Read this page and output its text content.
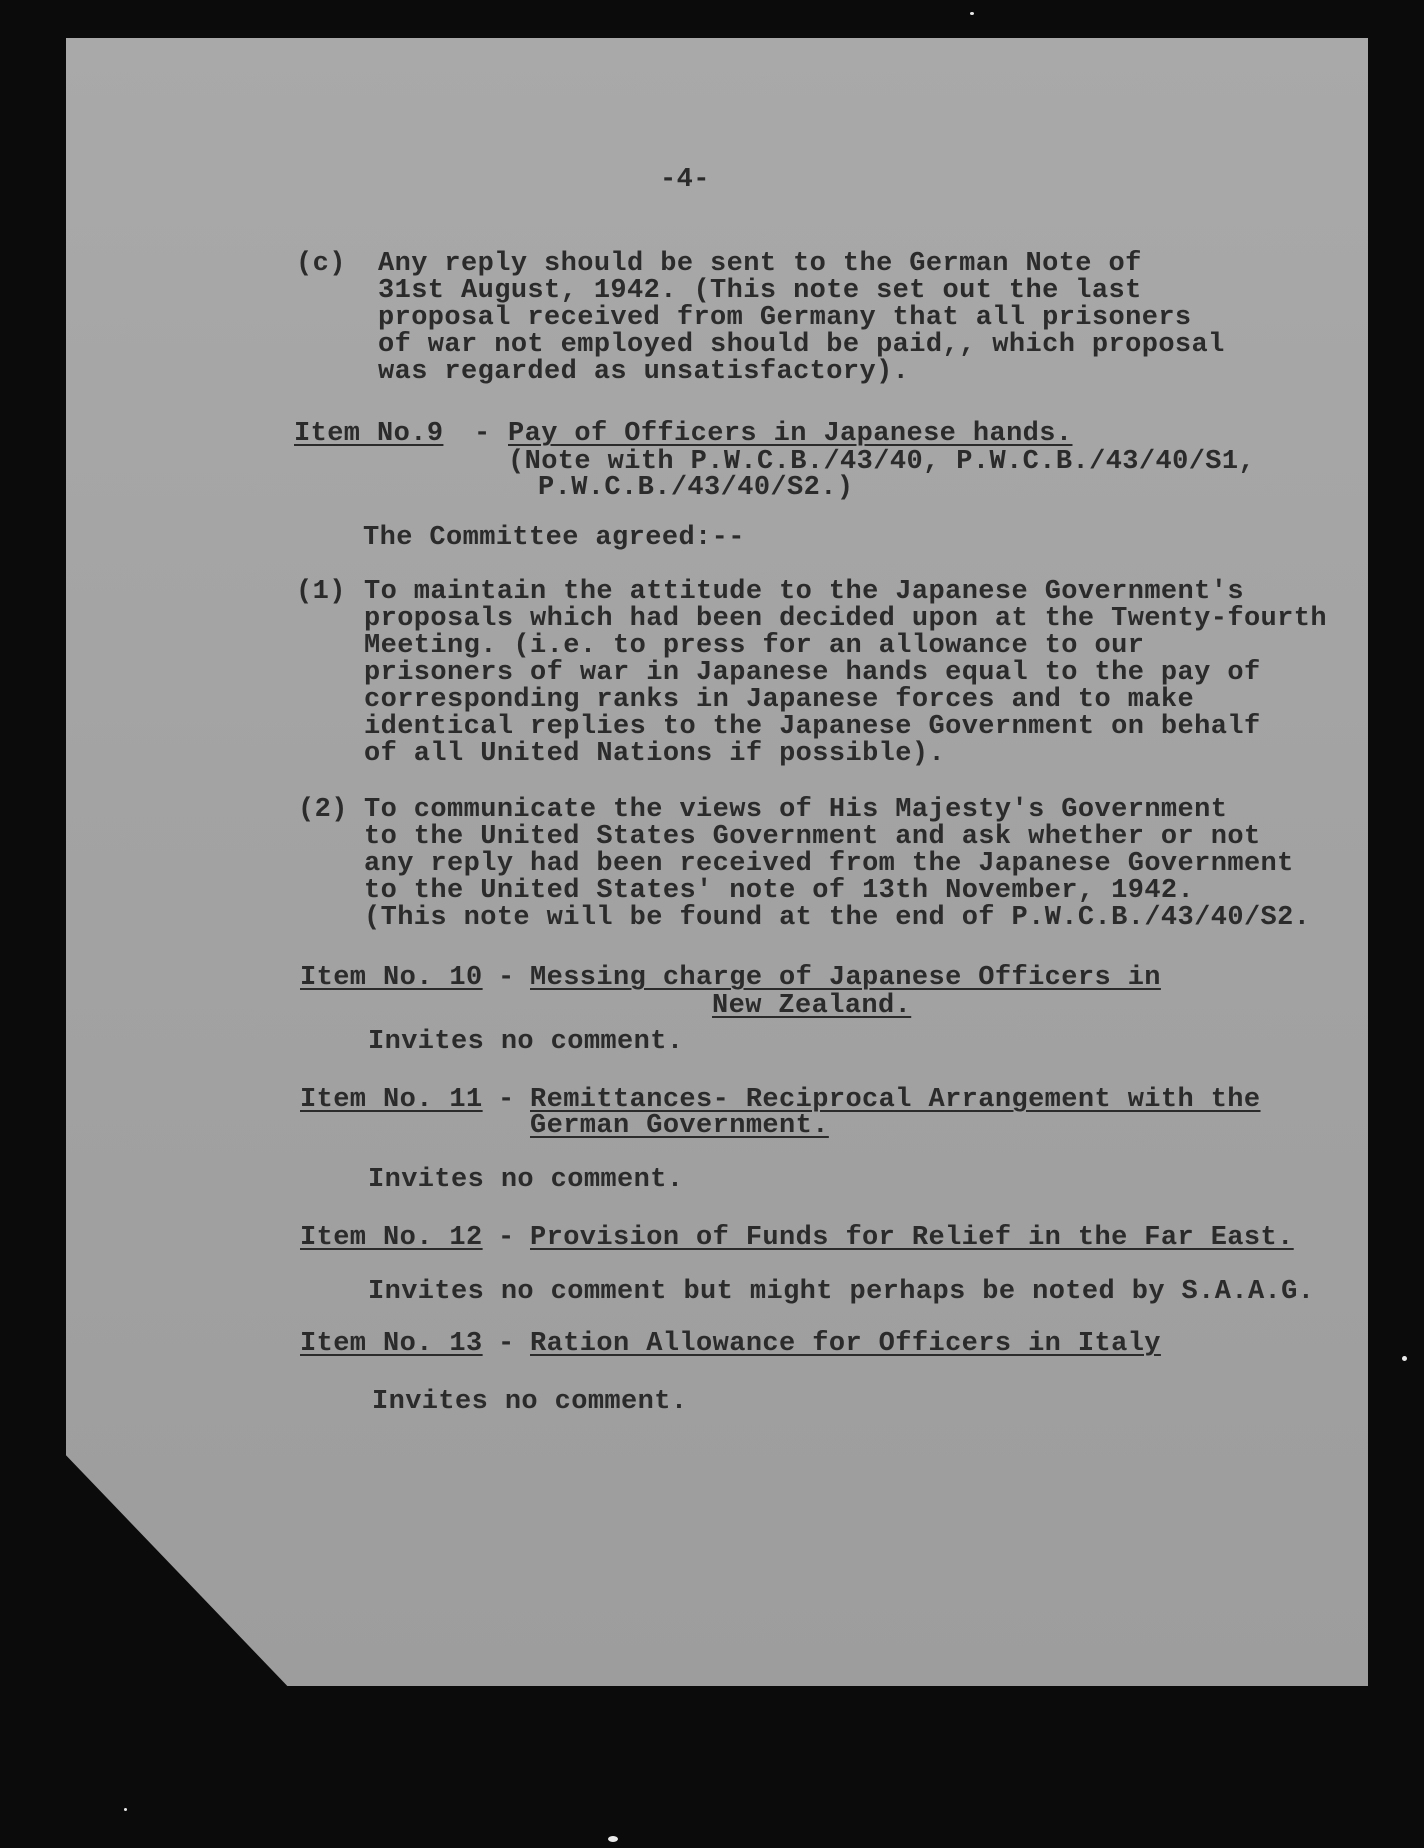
-4-
(c) Any reply should be sent to the German Note of
31st August, 1942. (This note set out the last
proposal received from Germany that all prisoners
of war not employed should be paid,, which proposal
was regarded as unsatisfactory).
Item No.9 - Pay of Officers in Japanese hands.
(Note with P.W.C.B./43/40, P.W.C.B./43/40/S1,
P.W.C.B./43/40/S2.)
The Committee agreed:--
(1) To maintain the attitude to the Japanese Government's
proposals which had been decided upon at the Twenty-fourth
Meeting. (i.e. to press for an allowance to our
prisoners of war in Japanese hands equal to the pay of
corresponding ranks in Japanese forces and to make
identical replies to the Japanese Government on behalf
of all United Nations if possible).
(2) To communicate the views of His Majesty's Government
to the United States Government and ask whether or not
any reply had been received from the Japanese Government
to the United States' note of 13th November, 1942.
(This note will be found at the end of P.W.C.B./43/40/S2.
Item No. 10 - Messing charge of Japanese Officers in
New Zealand.
Invites no comment.
Item No. 11 - Remittances- Reciprocal Arrangement with the
German Government.
Invites no comment.
Item No. 12 - Provision of Funds for Relief in the Far East.
Invites no comment but might perhaps be noted by S.A.A.G.
Item No. 13 - Ration Allowance for Officers in Italy
Invites no comment.
